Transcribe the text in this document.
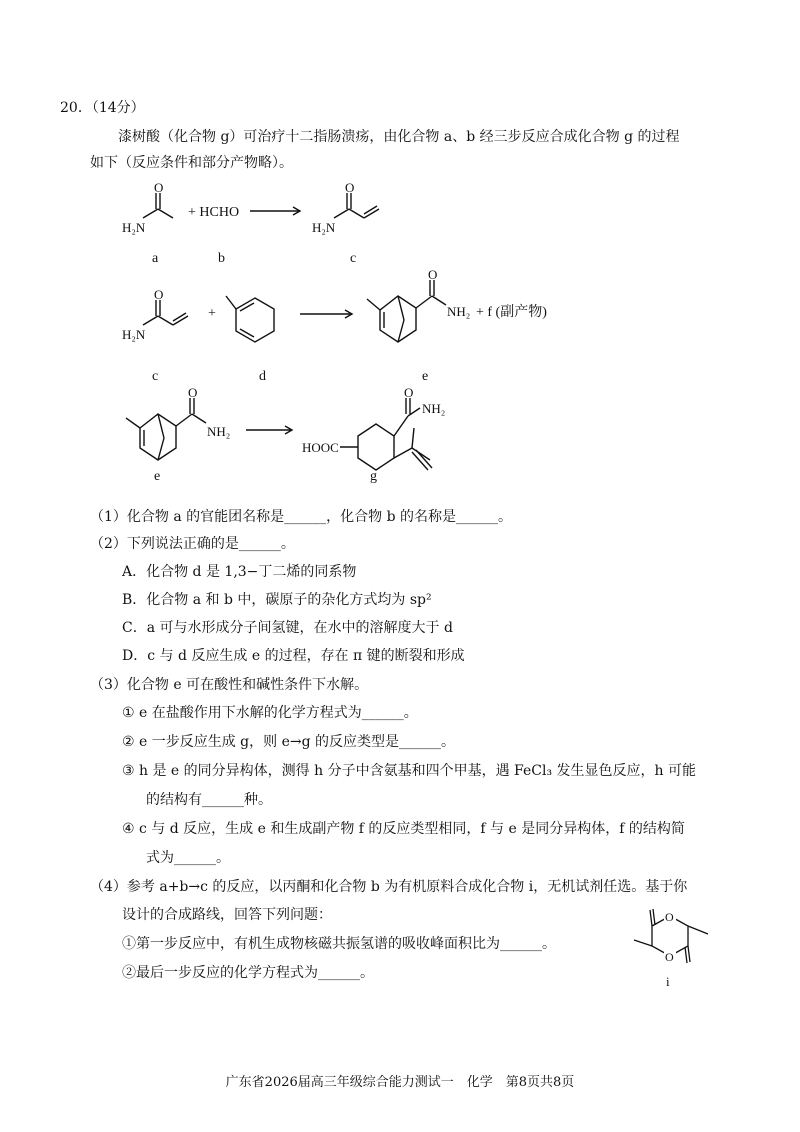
20．（14分）
漆树酸（化合物 g）可治疗十二指肠溃疡，由化合物 a、b 经三步反应合成化合物 g 的过程
如下（反应条件和部分产物略）。
O
H₂N
+ HCHO
O
H₂N
a	b	c
O
H₂N
+
O
NH₂ + f (副产物)
c	d	e
O
NH₂
HOOC
O
NH₂
e	g
（1）化合物 a 的官能团名称是______，化合物 b 的名称是______。
（2）下列说法正确的是______。
A．化合物 d 是 1,3−丁二烯的同系物
B．化合物 a 和 b 中，碳原子的杂化方式均为 sp²
C．a 可与水形成分子间氢键，在水中的溶解度大于 d
D．c 与 d 反应生成 e 的过程，存在 π 键的断裂和形成
（3）化合物 e 可在酸性和碱性条件下水解。
① e 在盐酸作用下水解的化学方程式为______。
② e 一步反应生成 g，则 e→g 的反应类型是______。
③ h 是 e 的同分异构体，测得 h 分子中含氨基和四个甲基，遇 FeCl₃ 发生显色反应，h 可能
的结构有______种。
④ c 与 d 反应，生成 e 和生成副产物 f 的反应类型相同，f 与 e 是同分异构体，f 的结构简
式为______。
（4）参考 a+b→c 的反应，以丙酮和化合物 b 为有机原料合成化合物 i，无机试剂任选。基于你
设计的合成路线，回答下列问题：
①第一步反应中，有机生成物核磁共振氢谱的吸收峰面积比为______。
②最后一步反应的化学方程式为______。
O
O
i
广东省2026届高三年级综合能力测试一　化学　第8页共8页
